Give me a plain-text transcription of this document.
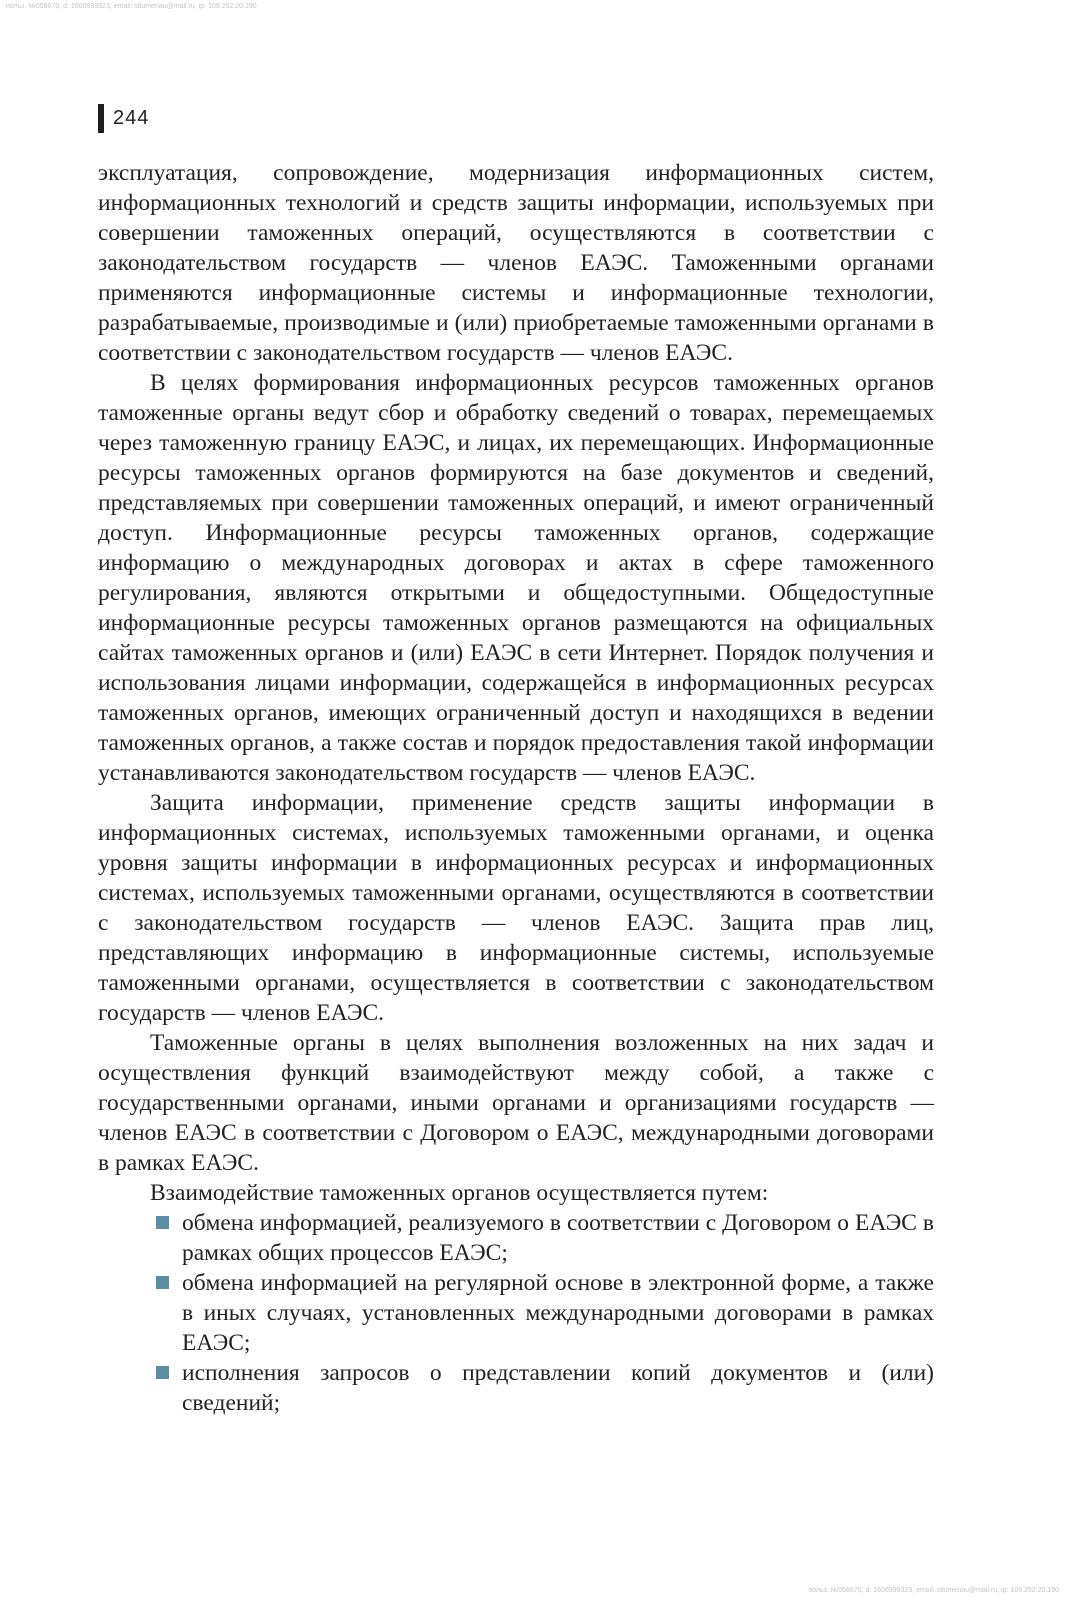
польз. №056670, d: 1606999323, email: stlumenau@mail.ru, ip: 109.252.20.190
244

эксплуатация, сопровождение, модернизация информационных систем, информационных технологий и средств защиты информации, используемых при совершении таможенных операций, осуществляются в соответствии с законодательством государств — членов ЕАЭС. Таможенными органами применяются информационные системы и информационные технологии, разрабатываемые, производимые и (или) приобретаемые таможенными органами в соответствии с законодательством государств — членов ЕАЭС.

В целях формирования информационных ресурсов таможенных органов таможенные органы ведут сбор и обработку сведений о товарах, перемещаемых через таможенную границу ЕАЭС, и лицах, их перемещающих. Информационные ресурсы таможенных органов формируются на базе документов и сведений, представляемых при совершении таможенных операций, и имеют ограниченный доступ. Информационные ресурсы таможенных органов, содержащие информацию о международных договорах и актах в сфере таможенного регулирования, являются открытыми и общедоступными. Общедоступные информационные ресурсы таможенных органов размещаются на официальных сайтах таможенных органов и (или) ЕАЭС в сети Интернет. Порядок получения и использования лицами информации, содержащейся в информационных ресурсах таможенных органов, имеющих ограниченный доступ и находящихся в ведении таможенных органов, а также состав и порядок предоставления такой информации устанавливаются законодательством государств — членов ЕАЭС.

Защита информации, применение средств защиты информации в информационных системах, используемых таможенными органами, и оценка уровня защиты информации в информационных ресурсах и информационных системах, используемых таможенными органами, осуществляются в соответствии с законодательством государств — членов ЕАЭС. Защита прав лиц, представляющих информацию в информационные системы, используемые таможенными органами, осуществляется в соответствии с законодательством государств — членов ЕАЭС.

Таможенные органы в целях выполнения возложенных на них задач и осуществления функций взаимодействуют между собой, а также с государственными органами, иными органами и организациями государств — членов ЕАЭС в соответствии с Договором о ЕАЭС, международными договорами в рамках ЕАЭС.

Взаимодействие таможенных органов осуществляется путем:

обмена информацией, реализуемого в соответствии с Договором о ЕАЭС в рамках общих процессов ЕАЭС;
обмена информацией на регулярной основе в электронной форме, а также в иных случаях, установленных международными договорами в рамках ЕАЭС;
исполнения запросов о представлении копий документов и (или) сведений;
польз. №056670, d: 1606999323, email: stlumenau@mail.ru, ip: 109.252.20.190
